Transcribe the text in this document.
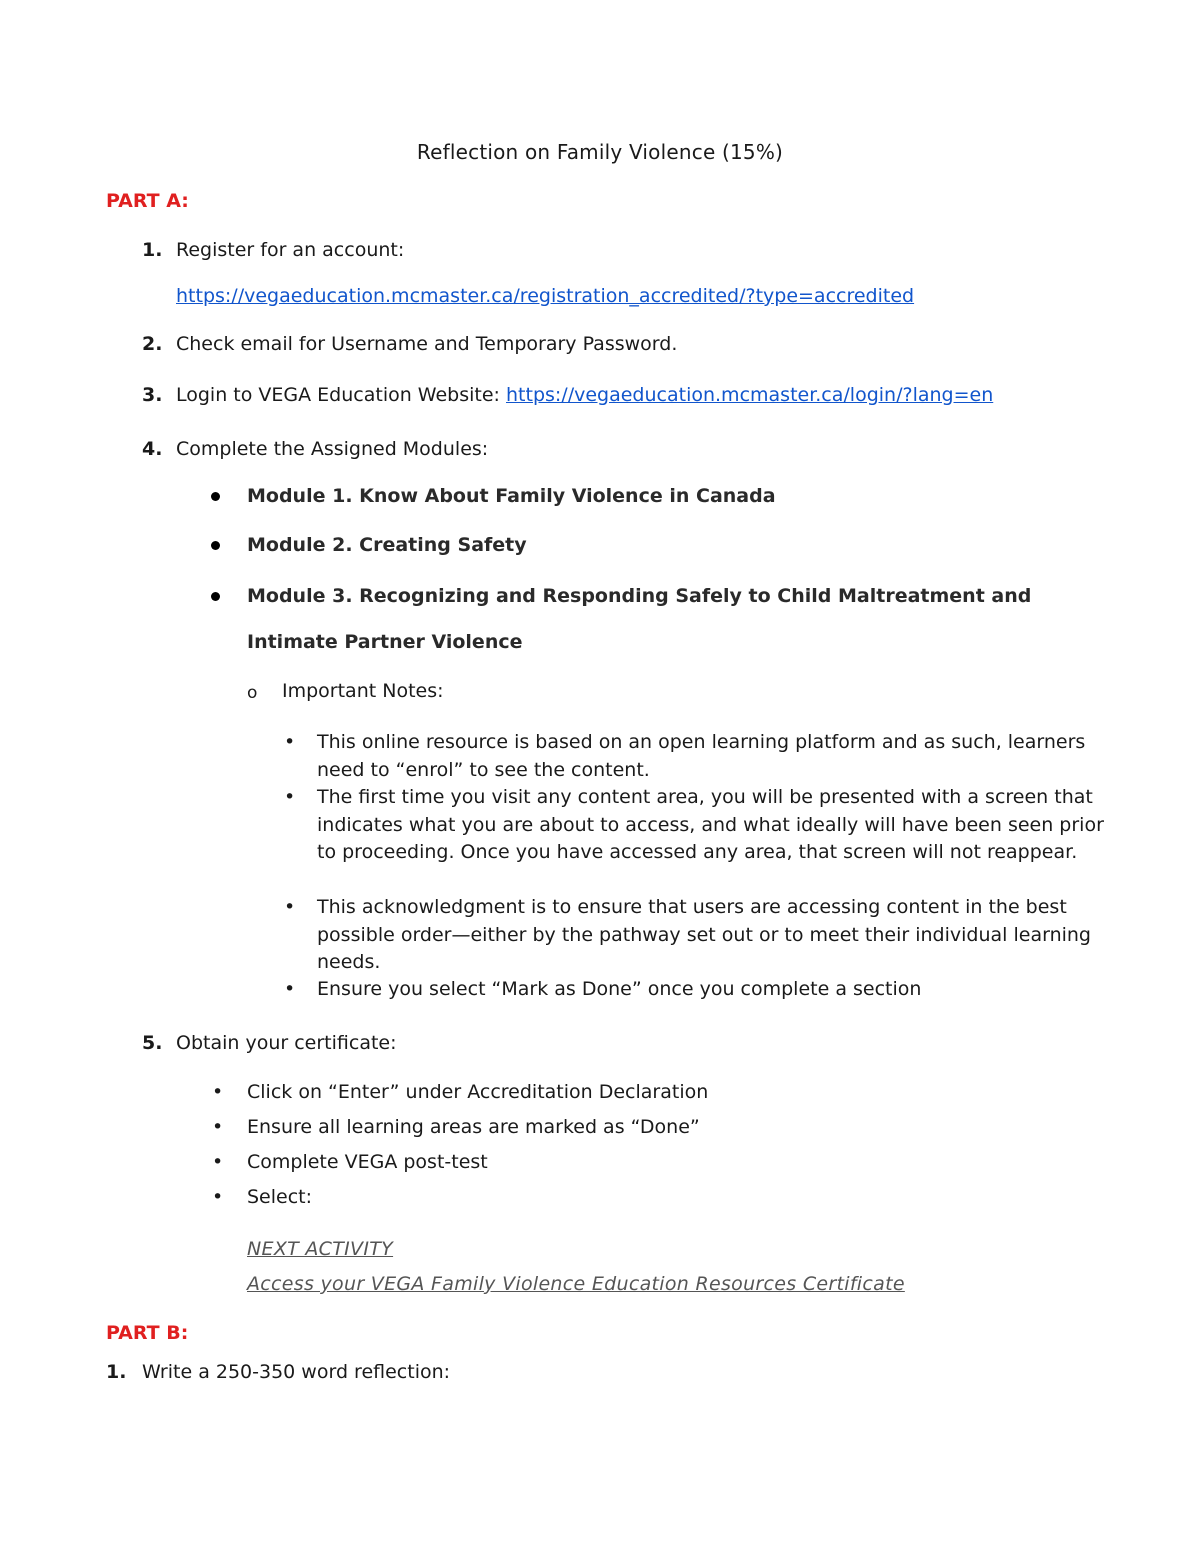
Reflection on Family Violence (15%)
PART A:
1. Register for an account:
https://vegaeducation.mcmaster.ca/registration_accredited/?type=accredited
2. Check email for Username and Temporary Password.
3. Login to VEGA Education Website: https://vegaeducation.mcmaster.ca/login/?lang=en
4. Complete the Assigned Modules:
Module 1. Know About Family Violence in Canada
Module 2. Creating Safety
Module 3. Recognizing and Responding Safely to Child Maltreatment and
Intimate Partner Violence
o Important Notes:
• This online resource is based on an open learning platform and as such, learners need to “enrol” to see the content.
• The first time you visit any content area, you will be presented with a screen that indicates what you are about to access, and what ideally will have been seen prior to proceeding. Once you have accessed any area, that screen will not reappear.
• This acknowledgment is to ensure that users are accessing content in the best possible order—either by the pathway set out or to meet their individual learning needs.
• Ensure you select “Mark as Done” once you complete a section
5. Obtain your certificate:
• Click on “Enter” under Accreditation Declaration
• Ensure all learning areas are marked as “Done”
• Complete VEGA post-test
• Select:
NEXT ACTIVITY
Access your VEGA Family Violence Education Resources Certificate
PART B:
1. Write a 250-350 word reflection:
